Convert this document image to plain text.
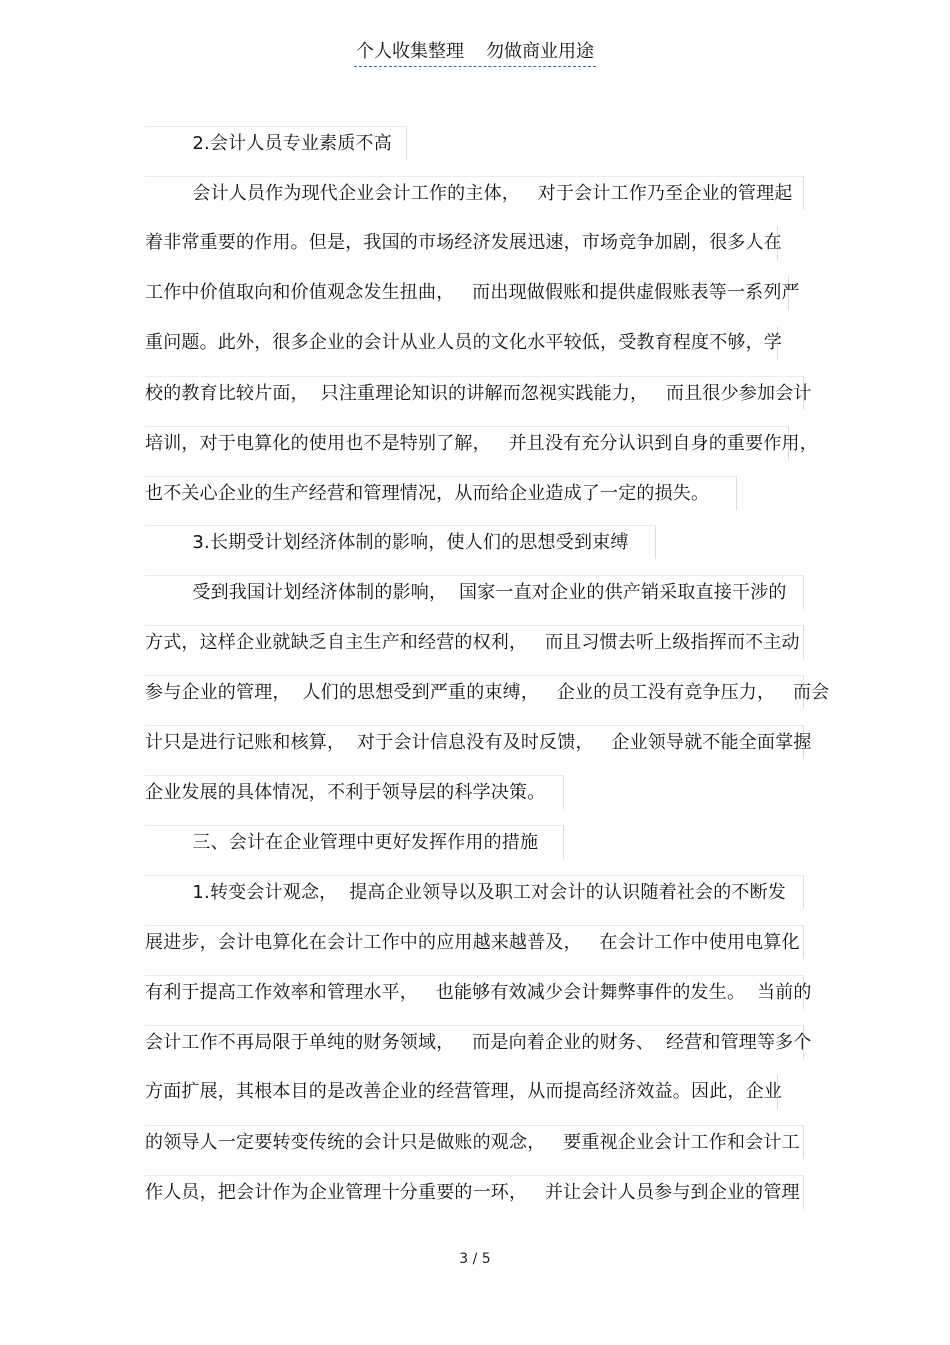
个人收集整理 勿做商业用途
2.会计人员专业素质不高
会计人员作为现代企业会计工作的主体，   对于会计工作乃至企业的管理起
着非常重要的作用。但是，我国的市场经济发展迅速，市场竞争加剧，很多人在
工作中价值取向和价值观念发生扭曲，   而出现做假账和提供虚假账表等一系列严
重问题。此外，很多企业的会计从业人员的文化水平较低，受教育程度不够，学
校的教育比较片面，  只注重理论知识的讲解而忽视实践能力，   而且很少参加会计
培训，对于电算化的使用也不是特别了解，   并且没有充分认识到自身的重要作用，
也不关心企业的生产经营和管理情况，从而给企业造成了一定的损失。
3.长期受计划经济体制的影响，使人们的思想受到束缚
受到我国计划经济体制的影响，  国家一直对企业的供产销采取直接干涉的
方式，这样企业就缺乏自主生产和经营的权利，   而且习惯去听上级指挥而不主动
参与企业的管理，  人们的思想受到严重的束缚，   企业的员工没有竞争压力，   而会
计只是进行记账和核算，  对于会计信息没有及时反馈，   企业领导就不能全面掌握
企业发展的具体情况，不利于领导层的科学决策。
三、会计在企业管理中更好发挥作用的措施
1.转变会计观念，  提高企业领导以及职工对会计的认识随着社会的不断发
展进步，会计电算化在会计工作中的应用越来越普及，   在会计工作中使用电算化
有利于提高工作效率和管理水平，   也能够有效减少会计舞弊事件的发生。  当前的
会计工作不再局限于单纯的财务领域，   而是向着企业的财务、  经营和管理等多个
方面扩展，其根本目的是改善企业的经营管理，从而提高经济效益。因此，企业
的领导人一定要转变传统的会计只是做账的观念，   要重视企业会计工作和会计工
作人员，把会计作为企业管理十分重要的一环，   并让会计人员参与到企业的管理
3 / 5
